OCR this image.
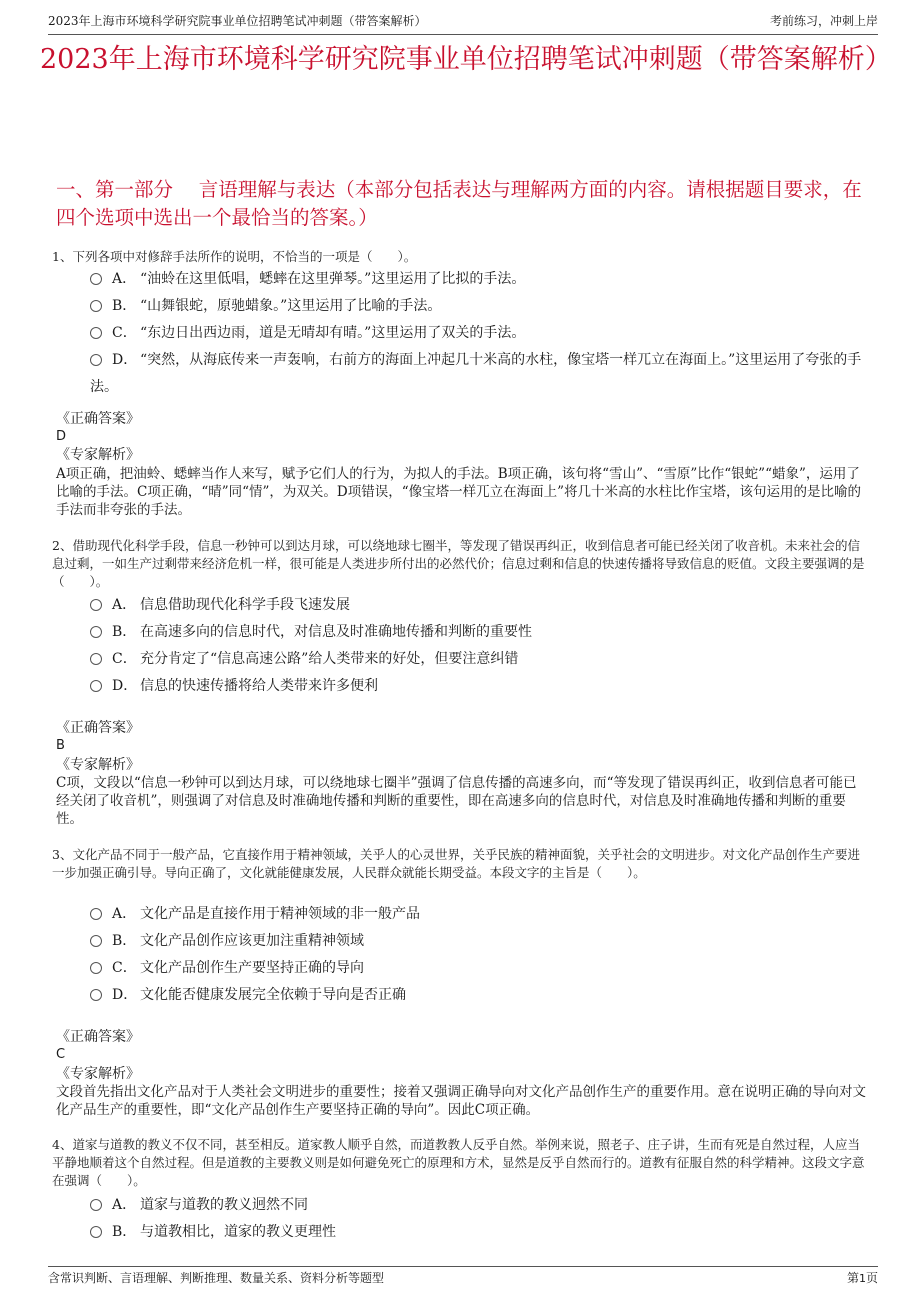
2023年上海市环境科学研究院事业单位招聘笔试冲刺题（带答案解析）	考前练习，冲刺上岸
2023年上海市环境科学研究院事业单位招聘笔试冲刺题（带答案解析）
一、第一部分　 言语理解与表达（本部分包括表达与理解两方面的内容。请根据题目要求，在四个选项中选出一个最恰当的答案。）
1、下列各项中对修辞手法所作的说明，不恰当的一项是（　　）。
A． “油蛉在这里低唱，蟋蟀在这里弹琴。”这里运用了比拟的手法。
B． “山舞银蛇，原驰蜡象。”这里运用了比喻的手法。
C． “东边日出西边雨，道是无晴却有晴。”这里运用了双关的手法。
D． “突然，从海底传来一声轰响，右前方的海面上冲起几十米高的水柱，像宝塔一样兀立在海面上。”这里运用了夸张的手法。
《正确答案》
D
《专家解析》
A项正确，把油蛉、蟋蟀当作人来写，赋予它们人的行为，为拟人的手法。B项正确，该句将“雪山”、“雪原”比作“银蛇”“蜡象”，运用了比喻的手法。C项正确，“晴”同“情”，为双关。D项错误，“像宝塔一样兀立在海面上”将几十米高的水柱比作宝塔，该句运用的是比喻的手法而非夸张的手法。
2、借助现代化科学手段，信息一秒钟可以到达月球，可以绕地球七圈半，等发现了错误再纠正，收到信息者可能已经关闭了收音机。未来社会的信息过剩，一如生产过剩带来经济危机一样，很可能是人类进步所付出的必然代价；信息过剩和信息的快速传播将导致信息的贬值。文段主要强调的是（　　）。
A． 信息借助现代化科学手段飞速发展
B． 在高速多向的信息时代，对信息及时准确地传播和判断的重要性
C． 充分肯定了“信息高速公路”给人类带来的好处，但要注意纠错
D． 信息的快速传播将给人类带来许多便利
《正确答案》
B
《专家解析》
C项，文段以“信息一秒钟可以到达月球，可以绕地球七圈半”强调了信息传播的高速多向，而“等发现了错误再纠正，收到信息者可能已经关闭了收音机”，则强调了对信息及时准确地传播和判断的重要性，即在高速多向的信息时代，对信息及时准确地传播和判断的重要性。
3、文化产品不同于一般产品，它直接作用于精神领域，关乎人的心灵世界，关乎民族的精神面貌，关乎社会的文明进步。对文化产品创作生产要进一步加强正确引导。导向正确了，文化就能健康发展，人民群众就能长期受益。本段文字的主旨是（　　）。
A． 文化产品是直接作用于精神领域的非一般产品
B． 文化产品创作应该更加注重精神领域
C． 文化产品创作生产要坚持正确的导向
D． 文化能否健康发展完全依赖于导向是否正确
《正确答案》
C
《专家解析》
文段首先指出文化产品对于人类社会文明进步的重要性；接着又强调正确导向对文化产品创作生产的重要作用。意在说明正确的导向对文化产品生产的重要性，即“文化产品创作生产要坚持正确的导向”。因此C项正确。
4、道家与道教的教义不仅不同，甚至相反。道家教人顺乎自然，而道教教人反乎自然。举例来说，照老子、庄子讲，生而有死是自然过程，人应当平静地顺着这个自然过程。但是道教的主要教义则是如何避免死亡的原理和方术，显然是反乎自然而行的。道教有征服自然的科学精神。这段文字意在强调（　　）。
A． 道家与道教的教义迥然不同
B． 与道教相比，道家的教义更理性
含常识判断、言语理解、判断推理、数量关系、资料分析等题型	第1页
